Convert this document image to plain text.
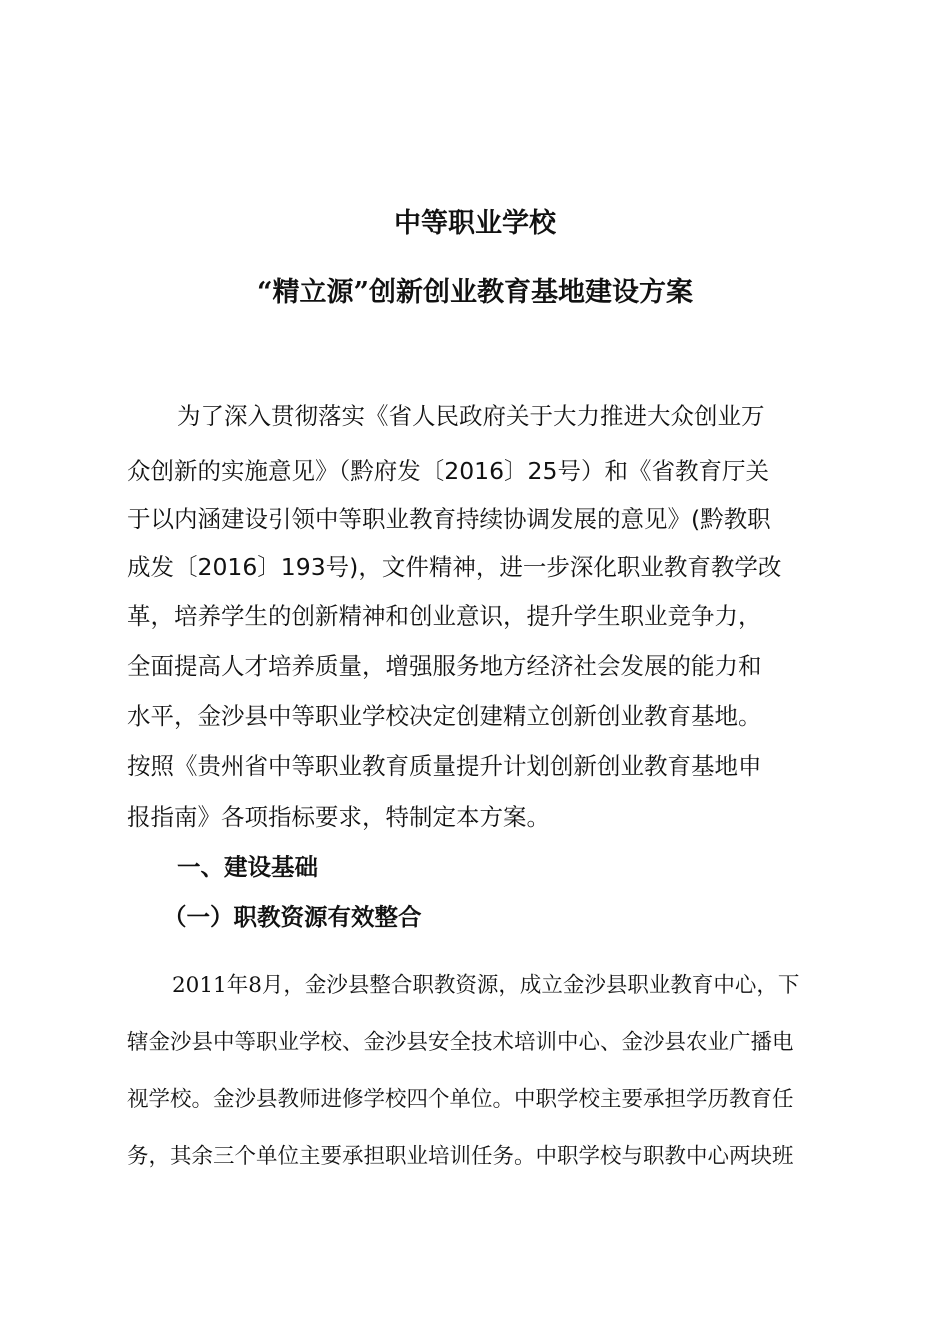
中等职业学校
“精立源”创新创业教育基地建设方案
为了深入贯彻落实《省人民政府关于大力推进大众创业万
众创新的实施意见》（黔府发〔2016〕25号）和《省教育厅关
于以内涵建设引领中等职业教育持续协调发展的意见》(黔教职
成发〔2016〕193号)，文件精神，进一步深化职业教育教学改
革，培养学生的创新精神和创业意识，提升学生职业竞争力，
全面提高人才培养质量，增强服务地方经济社会发展的能力和
水平，金沙县中等职业学校决定创建精立创新创业教育基地。
按照《贵州省中等职业教育质量提升计划创新创业教育基地申
报指南》各项指标要求，特制定本方案。
一、建设基础
（一）职教资源有效整合
2011年8月，金沙县整合职教资源，成立金沙县职业教育中心，下
辖金沙县中等职业学校、金沙县安全技术培训中心、金沙县农业广播电
视学校。金沙县教师进修学校四个单位。中职学校主要承担学历教育任
务，其余三个单位主要承担职业培训任务。中职学校与职教中心两块班
